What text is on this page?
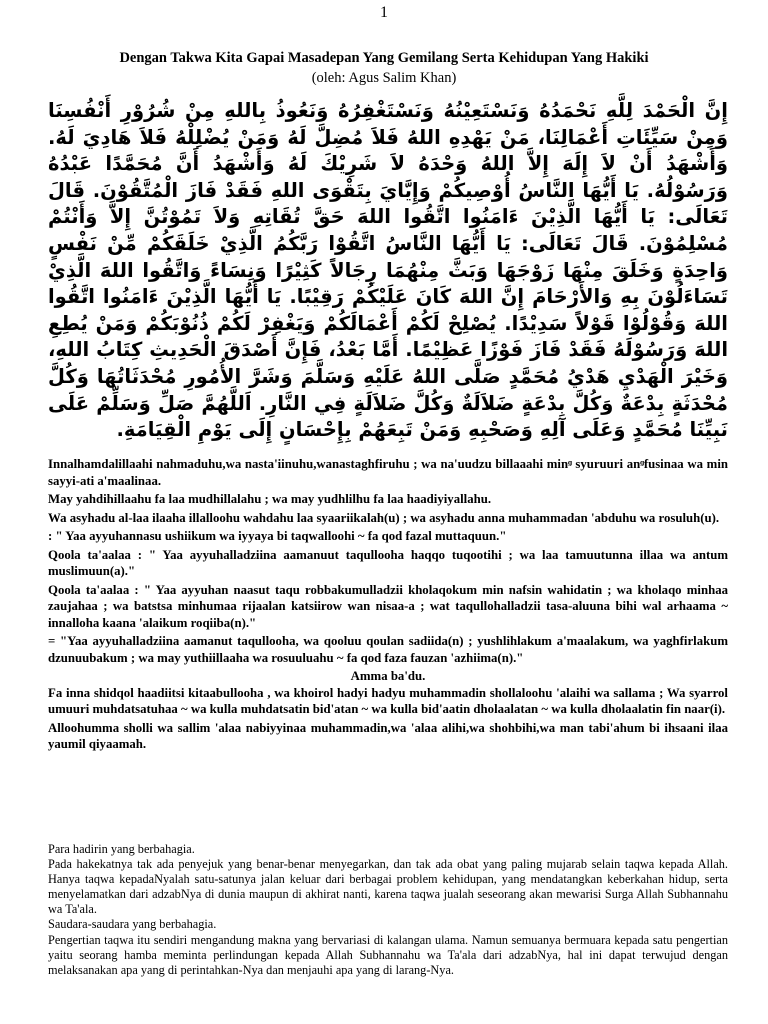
1
Dengan Takwa Kita Gapai Masadepan Yang Gemilang Serta Kehidupan Yang Hakiki
(oleh: Agus Salim Khan)
إِنَّ الْحَمْدَ لِلَّهِ نَحْمَدُهُ وَنَسْتَعِيْنُهُ وَنَسْتَغْفِرُهُ وَنَعُوذُ بِاللهِ مِنْ شُرُوْرِ أَنْفُسِنَا وَمِنْ سَيِّئَاتِ أَعْمَالِنَا، مَنْ يَهْدِهِ اللهُ فَلاَ مُضِلَّ لَهُ وَمَنْ يُضْلِلْهُ فَلاَ هَادِيَ لَهُ. وَأَشْهَدُ أَنْ لاَ إِلَهَ إِلاَّ اللهُ وَحْدَهُ لاَ شَرِيْكَ لَهُ وَأَشْهَدُ أَنَّ مُحَمَّدًا عَبْدُهُ وَرَسُوْلُهُ. يَا أَيُّهَا النَّاسُ أُوْصِيكُمْ وَإِيَّايَ بِتَقْوَى اللهِ فَقَدْ فَازَ الْمُتَّقُوْنَ. قَالَ تَعَالَى: يَا أَيُّهَا الَّذِيْنَ ءَامَنُوا اتَّقُوا اللهَ حَقَّ تُقَاتِهِ وَلاَ تَمُوْتُنَّ إِلاَّ وَأَنْتُمْ مُسْلِمُوْنَ. قَالَ تَعَالَى: يَا أَيُّهَا النَّاسُ اتَّقُوْا رَبَّكُمُ الَّذِيْ خَلَقَكُمْ مِّنْ نَفْسٍ وَاحِدَةٍ وَخَلَقَ مِنْهَا زَوْجَهَا وَبَثَّ مِنْهُمَا رِجَالاً كَثِيْرًا وَنِسَاءً وَاتَّقُوا اللهَ الَّذِيْ تَسَاءَلُوْنَ بِهِ وَالأَرْحَامَ إِنَّ اللهَ كَانَ عَلَيْكُمْ رَقِيْبًا. يَا أَيُّهَا الَّذِيْنَ ءَامَنُوا اتَّقُوا اللهَ وَقُوْلُوْا قَوْلاً سَدِيْدًا. يُصْلِحْ لَكُمْ أَعْمَالَكُمْ وَيَغْفِرْ لَكُمْ ذُنُوْبَكُمْ وَمَنْ يُطِعِ اللهَ وَرَسُوْلَهُ فَقَدْ فَازَ فَوْزًا عَظِيْمًا. أَمَّا بَعْدُ، فَإِنَّ أَصْدَقَ الْحَدِيثِ كِتَابُ اللهِ، وَخَيْرَ الْهَدْيِ هَدْيُ مُحَمَّدٍ صَلَّى اللهُ عَلَيْهِ وَسَلَّمَ وَشَرَّ الأُمُورِ مُحْدَثَاتُهَا وَكُلَّ مُحْدَثَةٍ بِدْعَةٌ وَكُلَّ بِدْعَةٍ ضَلاَلَةٌ وَكُلَّ ضَلاَلَةٍ فِي النَّارِ. اَللَّهُمَّ صَلِّ وَسَلِّمْ عَلَى نَبِيِّنَا مُحَمَّدٍ وَعَلَى آلِهِ وَصَحْبِهِ وَمَنْ تَبِعَهُمْ بِإِحْسَانٍ إِلَى يَوْمِ الْقِيَامَةِ.

Innalhamdalillaahi nahmaduhu,wa nasta'iinuhu,wanastaghfiruhu ; wa na'uudzu billaaahi minᶢ syuruuri anᶢfusinaa wa min sayyi-ati a'maalinaa.

May yahdihillaahu fa laa mudhillalahu ; wa may yudhlilhu fa laa haadiyiyallahu.

Wa asyhadu al-laa ilaaha illalloohu wahdahu laa syaariikalah(u) ; wa asyhadu anna muhammadan 'abduhu wa rosuluh(u).

: " Yaa ayyuhannasu ushiikum wa iyyaya bi taqwalloohi ~ fa qod fazal muttaquun."

Qoola ta'aalaa : " Yaa ayyuhalladziina aamanuut taqullooha haqqo tuqootihi ; wa laa tamuutunna illaa wa antum muslimuun(a)."

Qoola ta'aalaa : " Yaa ayyuhan naasut taqu robbakumulladzii kholaqokum min nafsin wahidatin ; wa kholaqo minhaa zaujahaa ; wa batstsa minhumaa rijaalan katsiirow wan nisaa-a ; wat taqullohalladzii tasa-aluuna bihi wal arhaama ~ innalloha kaana 'alaikum roqiiba(n)."

= "Yaa ayyuhalladziina aamanut taqullooha, wa qooluu qoulan sadiida(n) ; yushlihlakum a'maalakum, wa yaghfirlakum dzunuubakum ; wa may yuthiillaaha wa rosuuluahu ~ fa qod faza fauzan 'azhiima(n)."

Amma ba'du.

Fa inna shidqol haadiitsi kitaabullooha , wa khoirol hadyi hadyu muhammadin shollaloohu 'alaihi wa sallama ; Wa syarrol umuuri muhdatsatuhaa ~ wa kulla muhdatsatin bid'atan ~ wa kulla bid'aatin dholaalatan ~ wa kulla dholaalatin fin naar(i).

Alloohumma sholli wa sallim 'alaa nabiyyinaa muhammadin,wa 'alaa alihi,wa shohbihi,wa man tabi'ahum bi ihsaani ilaa yaumil qiyaamah.

Para hadirin yang berbahagia.

Pada hakekatnya tak ada penyejuk yang benar-benar menyegarkan, dan tak ada obat yang paling mujarab selain taqwa kepada Allah. Hanya taqwa kepadaNyalah satu-satunya jalan keluar dari berbagai problem kehidupan, yang mendatangkan keberkahan hidup, serta menyelamatkan dari adzabNya di dunia maupun di akhirat nanti, karena taqwa jualah seseorang akan mewarisi Surga Allah Subhannahu wa Ta'ala.

Saudara-saudara yang berbahagia.

Pengertian taqwa itu sendiri mengandung makna yang bervariasi di kalangan ulama. Namun semuanya bermuara kepada satu pengertian yaitu seorang hamba meminta perlindungan kepada Allah Subhannahu wa Ta'ala dari adzabNya, hal ini dapat terwujud dengan melaksanakan apa yang di perintahkan-Nya dan menjauhi apa yang di larang-Nya.
